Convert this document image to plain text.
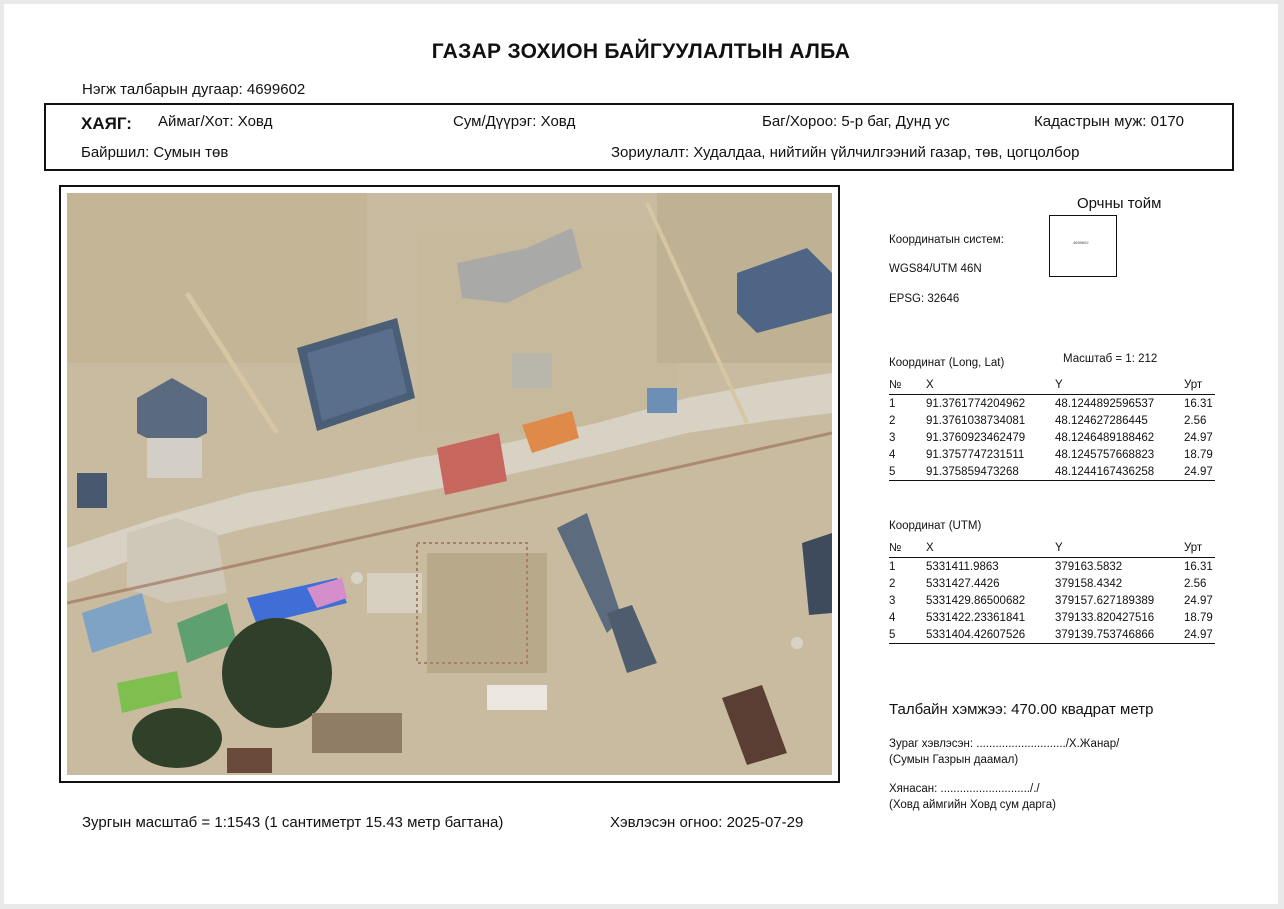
ГАЗАР ЗОХИОН БАЙГУУЛАЛТЫН АЛБА
Нэгж талбарын дугаар: 4699602
ХАЯГ: Аймаг/Хот: Ховд	Сум/Дүүрэг: Ховд	Баг/Хороо: 5-р баг, Дунд ус	Кадастрын муж: 0170
Байршил: Сумын төв	Зориулалт: Худалдаа, нийтийн үйлчилгээний газар, төв, цогцолбор
Орчны тойм
4699602
Координатын систем:
WGS84/UTM 46N
EPSG: 32646
Координат (Long, Lat)	Масштаб = 1: 212
№	X	Y	Урт
1	91.3761774204962	48.1244892596537	16.31
2	91.3761038734081	48.124627286445	2.56
3	91.3760923462479	48.1246489188462	24.97
4	91.3757747231511	48.1245757668823	18.79
5	91.375859473268	48.1244167436258	24.97
Координат (UTM)
№	X	Y	Урт
1	5331411.9863	379163.5832	16.31
2	5331427.4426	379158.4342	2.56
3	5331429.86500682	379157.627189389	24.97
4	5331422.23361841	379133.820427516	18.79
5	5331404.42607526	379139.753746866	24.97
Талбайн хэмжээ: 470.00 квадрат метр
Зураг хэвлэсэн: ............................/Х.Жанар/
(Сумын Газрын даамал)
Хянасан: ...........................././
(Ховд аймгийн Ховд сум дарга)
Зургын масштаб = 1:1543 (1 сантиметрт 15.43 метр багтана)	Хэвлэсэн огноо: 2025-07-29
